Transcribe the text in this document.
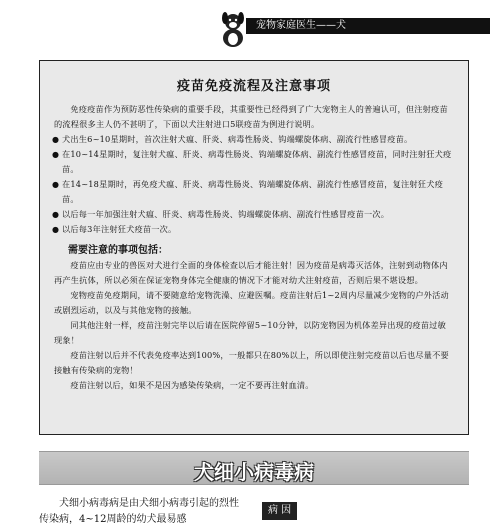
宠物家庭医生——犬
疫苗免疫流程及注意事项

免疫疫苗作为预防恶性传染病的重要手段，其重要性已经得到了广大宠物主人的普遍认可，但注射疫苗的流程很多主人仍不甚明了，下面以犬注射进口5联疫苗为例进行说明。

● 犬出生6~10星期时，首次注射犬瘟、肝炎、病毒性肠炎、钩端螺旋体病、副流行性感冒疫苗。

● 在10~14星期时，复注射犬瘟、肝炎、病毒性肠炎、钩端螺旋体病、副流行性感冒疫苗，同时注射狂犬疫苗。

● 在14~18星期时，再免疫犬瘟、肝炎、病毒性肠炎、钩端螺旋体病、副流行性感冒疫苗，复注射狂犬疫苗。

● 以后每一年加强注射犬瘟、肝炎、病毒性肠炎、钩端螺旋体病、副流行性感冒疫苗一次。

● 以后每3年注射狂犬疫苗一次。

需要注意的事项包括：

疫苗应由专业的兽医对犬进行全面的身体检查以后才能注射！因为疫苗是病毒灭活体，注射到动物体内再产生抗体，所以必须在保证宠物身体完全健康的情况下才能对幼犬注射疫苗，否则后果不堪设想。

宠物疫苗免疫期间，请不要随意给宠物洗澡、应避医嘱。疫苗注射后1~2周内尽量减少宠物的户外活动或剧烈运动，以及与其他宠物的接触。

同其他注射一样，疫苗注射完毕以后请在医院停留5~10分钟，以防宠物因为机体差异出现的疫苗过敏现象！

疫苗注射以后并不代表免疫率达到100%，一般都只在80%以上，所以即使注射完疫苗以后也尽量不要接触有传染病的宠物！

疫苗注射以后，如果不是因为感染传染病，一定不要再注射血清。

犬细小病毒病

犬细小病毒病是由犬细小病毒引起的烈性传染病，4~12周龄的幼犬最易感

病 因
